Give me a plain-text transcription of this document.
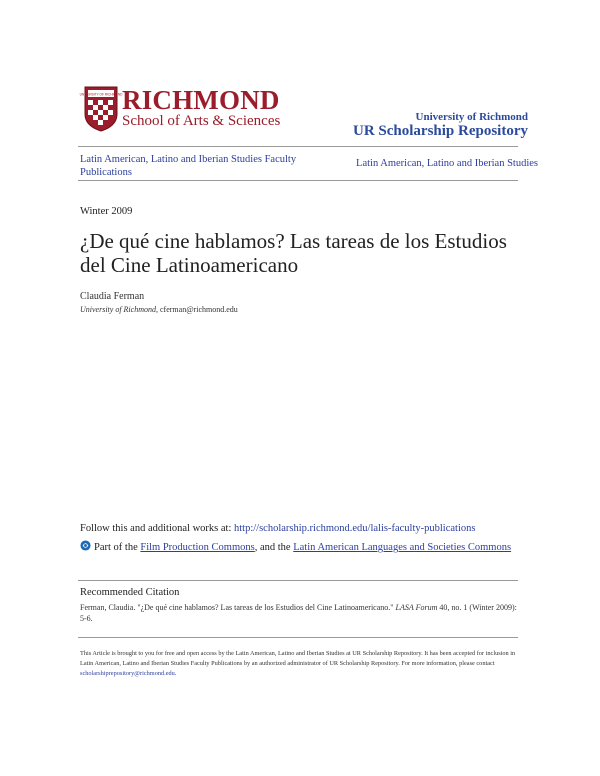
UNIVERSITY OF RICHMOND RICHMOND
School of Arts & Sciences	University of Richmond
UR Scholarship Repository
Latin American, Latino and Iberian Studies Faculty Publications
Latin American, Latino and Iberian Studies
Winter 2009
¿De qué cine hablamos? Las tareas de los Estudios del Cine Latinoamericano
Claudia Ferman
University of Richmond, cferman@richmond.edu
Follow this and additional works at: http://scholarship.richmond.edu/lalis-faculty-publications
Part of the Film Production Commons, and the Latin American Languages and Societies Commons
Recommended Citation
Ferman, Claudia. "¿De qué cine hablamos? Las tareas de los Estudios del Cine Latinoamericano." LASA Forum 40, no. 1 (Winter 2009): 5-6.
This Article is brought to you for free and open access by the Latin American, Latino and Iberian Studies at UR Scholarship Repository. It has been accepted for inclusion in Latin American, Latino and Iberian Studies Faculty Publications by an authorized administrator of UR Scholarship Repository. For more information, please contact scholarshiprepository@richmond.edu.
